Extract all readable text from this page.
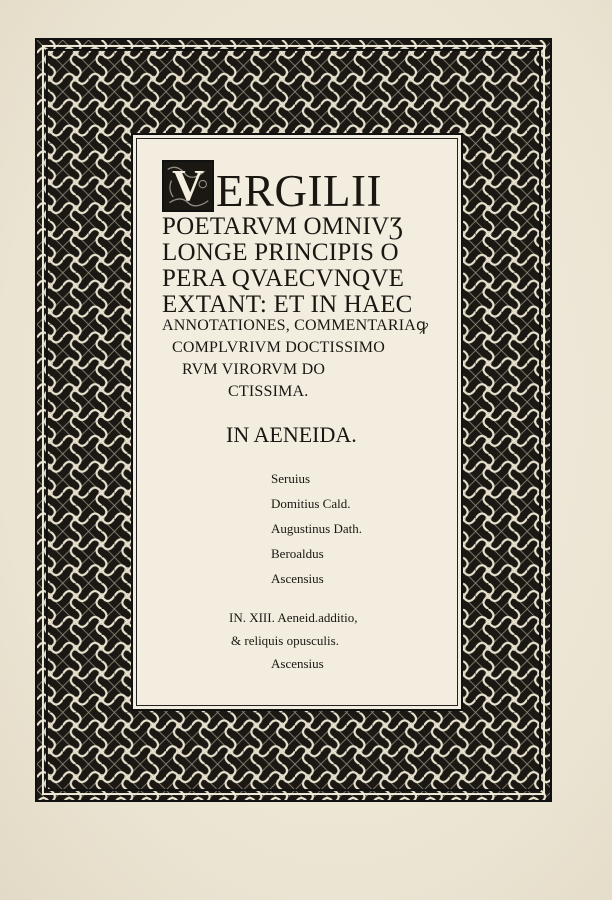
V ERGILII
POETARVM OMNIVƷ
LONGE PRINCIPIS O
PERA QVAECVNQVE
EXTANT: ET IN HAEC
ANNOTATIONES, COMMENTARIAꝙ
COMPLVRIVM DOCTISSIMO
RVM VIRORVM DO
CTISSIMA.
IN AENEIDA.
Seruius
Domitius Cald.
Augustinus Dath.
Beroaldus
Ascensius
IN. XIII. Aeneid.additio,
& reliquis opusculis.
Ascensius
